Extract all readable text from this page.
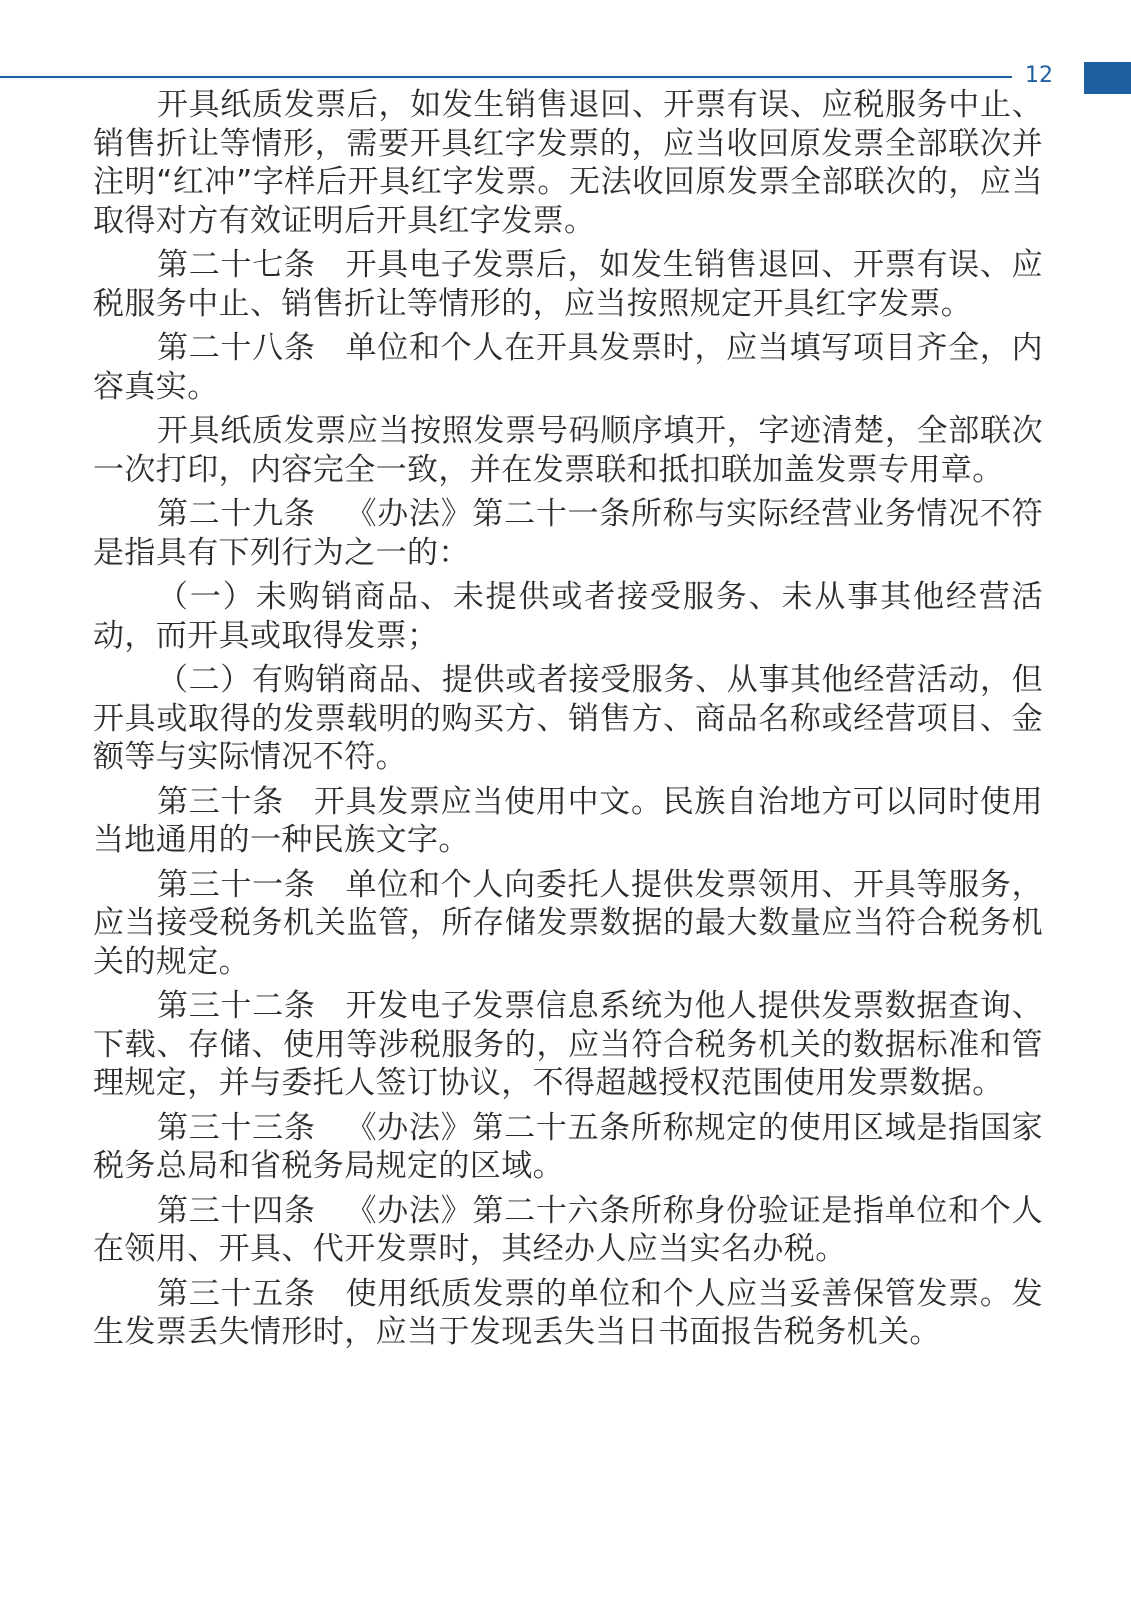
12

开具纸质发票后，如发生销售退回、开票有误、应税服务中止、销售折让等情形，需要开具红字发票的，应当收回原发票全部联次并注明“红冲”字样后开具红字发票。无法收回原发票全部联次的，应当取得对方有效证明后开具红字发票。

第二十七条 开具电子发票后，如发生销售退回、开票有误、应税服务中止、销售折让等情形的，应当按照规定开具红字发票。

第二十八条 单位和个人在开具发票时，应当填写项目齐全，内容真实。

开具纸质发票应当按照发票号码顺序填开，字迹清楚，全部联次一次打印，内容完全一致，并在发票联和抵扣联加盖发票专用章。

第二十九条 《办法》第二十一条所称与实际经营业务情况不符是指具有下列行为之一的：

（一）未购销商品、未提供或者接受服务、未从事其他经营活动，而开具或取得发票；

（二）有购销商品、提供或者接受服务、从事其他经营活动，但开具或取得的发票载明的购买方、销售方、商品名称或经营项目、金额等与实际情况不符。

第三十条 开具发票应当使用中文。民族自治地方可以同时使用当地通用的一种民族文字。

第三十一条 单位和个人向委托人提供发票领用、开具等服务，应当接受税务机关监管，所存储发票数据的最大数量应当符合税务机关的规定。

第三十二条 开发电子发票信息系统为他人提供发票数据查询、下载、存储、使用等涉税服务的，应当符合税务机关的数据标准和管理规定，并与委托人签订协议，不得超越授权范围使用发票数据。

第三十三条 《办法》第二十五条所称规定的使用区域是指国家税务总局和省税务局规定的区域。

第三十四条 《办法》第二十六条所称身份验证是指单位和个人在领用、开具、代开发票时，其经办人应当实名办税。

第三十五条 使用纸质发票的单位和个人应当妥善保管发票。发生发票丢失情形时，应当于发现丢失当日书面报告税务机关。
